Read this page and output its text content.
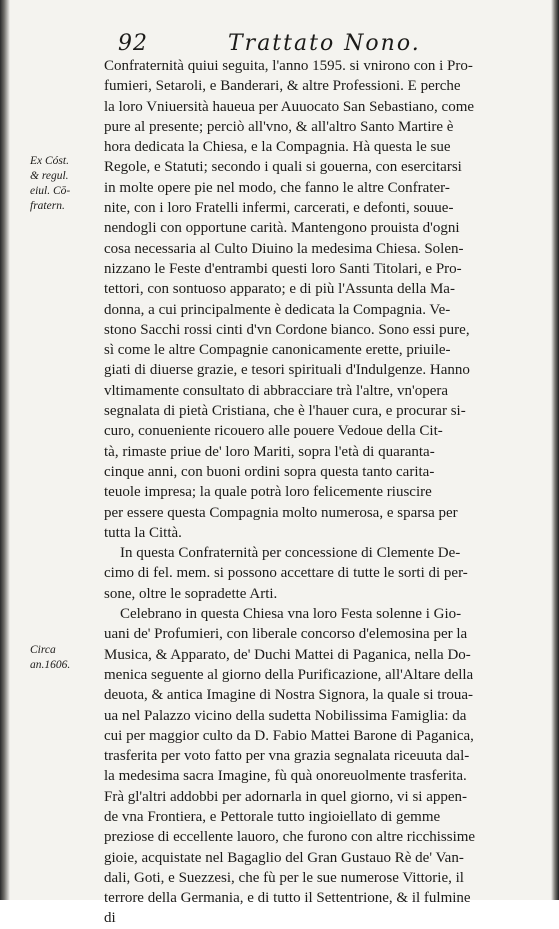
92	Trattato Nono.
Ex Cóst.
& regul.
eiul. Cō-
fratern.
Circa
an.1606.
Confraternità quiui seguita, l'anno 1595. si vnirono con i Pro-
fumieri, Setaroli, e Banderari, & altre Professioni. E perche
la loro Vniuersità haueua per Auuocato San Sebastiano, come
pure al presente; perciò all'vno, & all'altro Santo Martire è
hora dedicata la Chiesa, e la Compagnia. Hà questa le sue
Regole, e Statuti; secondo i quali si gouerna, con esercitarsi
in molte opere pie nel modo, che fanno le altre Confrater-
nite, con i loro Fratelli infermi, carcerati, e defonti, souue-
nendogli con opportune carità. Mantengono prouista d'ogni
cosa necessaria al Culto Diuino la medesima Chiesa. Solen-
nizzano le Feste d'entrambi questi loro Santi Titolari, e Pro-
tettori, con sontuoso apparato; e di più l'Assunta della Ma-
donna, a cui principalmente è dedicata la Compagnia. Ve-
stono Sacchi rossi cinti d'vn Cordone bianco. Sono essi pure,
sì come le altre Compagnie canonicamente erette, priuile-
giati di diuerse grazie, e tesori spirituali d'Indulgenze. Hanno
vltimamente consultato di abbracciare trà l'altre, vn'opera
segnalata di pietà Cristiana, che è l'hauer cura, e procurar si-
curo, conueniente ricouero alle pouere Vedoue della Cit-
tà, rimaste priue de' loro Mariti, sopra l'età di quaranta-
cinque anni, con buoni ordini sopra questa tanto carita-
teuole impresa; la quale potrà loro felicemente riuscire
per essere questa Compagnia molto numerosa, e sparsa per
tutta la Città.
In questa Confraternità per concessione di Clemente De-
cimo di fel. mem. si possono accettare di tutte le sorti di per-
sone, oltre le sopradette Arti.
Celebrano in questa Chiesa vna loro Festa solenne i Gio-
uani de' Profumieri, con liberale concorso d'elemosina per la
Musica, & Apparato, de' Duchi Mattei di Paganica, nella Do-
menica seguente al giorno della Purificazione, all'Altare della
deuota, & antica Imagine di Nostra Signora, la quale si troua-
ua nel Palazzo vicino della sudetta Nobilissima Famiglia: da
cui per maggior culto da D. Fabio Mattei Barone di Paganica,
trasferita per voto fatto per vna grazia segnalata riceuuta dal-
la medesima sacra Imagine, fù quà onoreuolmente trasferita.
Frà gl'altri addobbi per adornarla in quel giorno, vi si appen-
de vna Frontiera, e Pettorale tutto ingioiellato di gemme
preziose di eccellente lauoro, che furono con altre ricchissime
gioie, acquistate nel Bagaglio del Gran Gustauo Rè de' Van-
dali, Goti, e Suezzesi, che fù per le sue numerose Vittorie, il
terrore della Germania, e di tutto il Settentrione, & il fulmine
di
